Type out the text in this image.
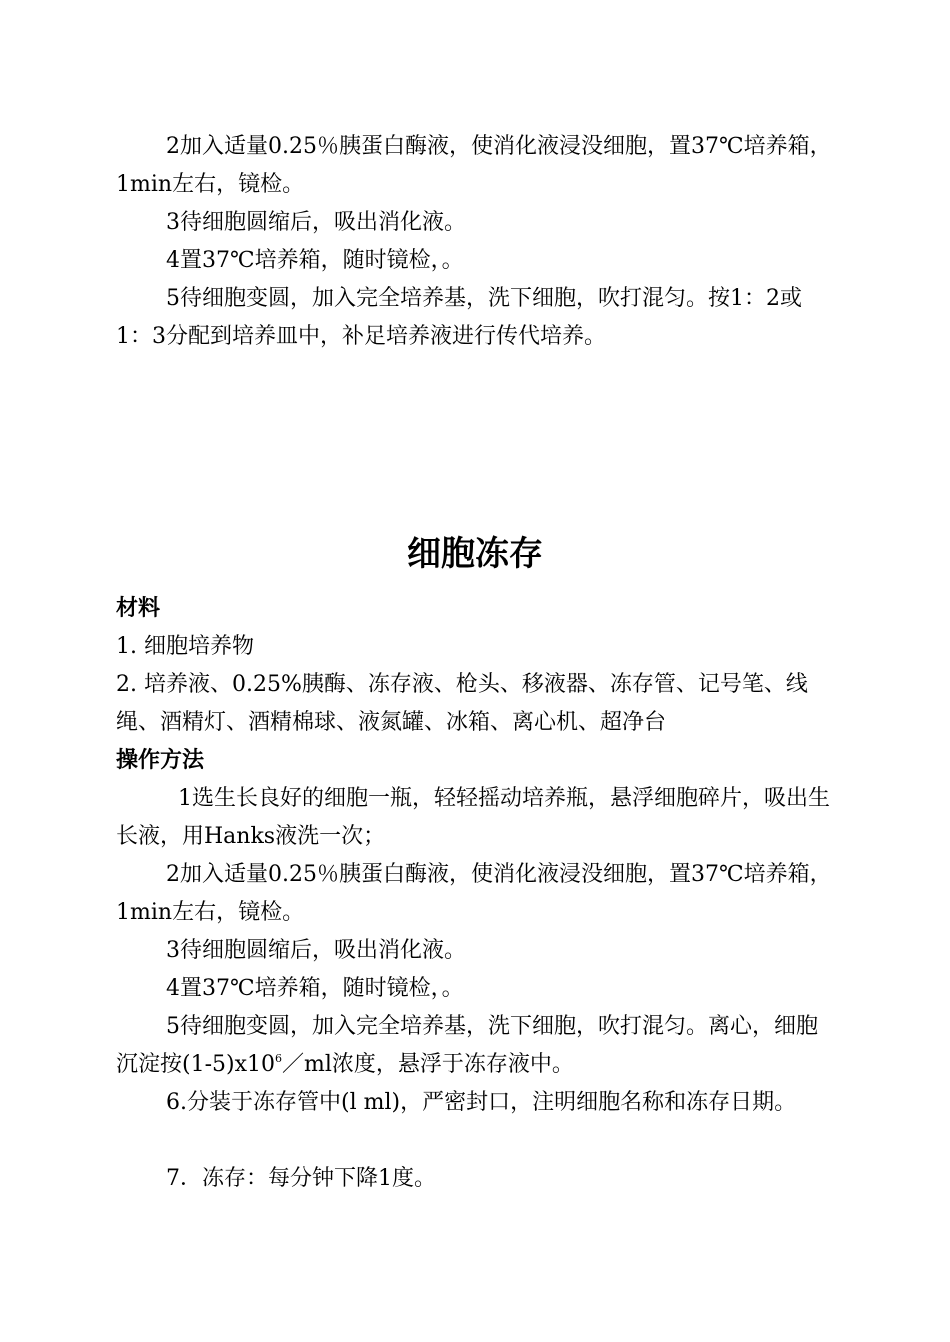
2加入适量0.25％胰蛋白酶液，使消化液浸没细胞，置37℃培养箱，1min左右，镜检。

3待细胞圆缩后，吸出消化液。

4置37℃培养箱，随时镜检，。

5待细胞变圆，加入完全培养基，洗下细胞，吹打混匀。按1：2或1：3分配到培养皿中，补足培养液进行传代培养。

细胞冻存
材料

1. 细胞培养物

2. 培养液、0.25%胰酶、冻存液、枪头、移液器、冻存管、记号笔、线绳、酒精灯、酒精棉球、液氮罐、冰箱、离心机、超净台

操作方法

1选生长良好的细胞一瓶，轻轻摇动培养瓶，悬浮细胞碎片，吸出生长液，用Hanks液洗一次；

2加入适量0.25％胰蛋白酶液，使消化液浸没细胞，置37℃培养箱，1min左右，镜检。

3待细胞圆缩后，吸出消化液。

4置37℃培养箱，随时镜检，。

5待细胞变圆，加入完全培养基，洗下细胞，吹打混匀。离心，细胞沉淀按$(1-5)x10^6/ml$浓度，悬浮于冻存液中。

6.分装于冻存管中(l ml)，严密封口，注明细胞名称和冻存日期。

7．冻存：每分钟下降1度。
